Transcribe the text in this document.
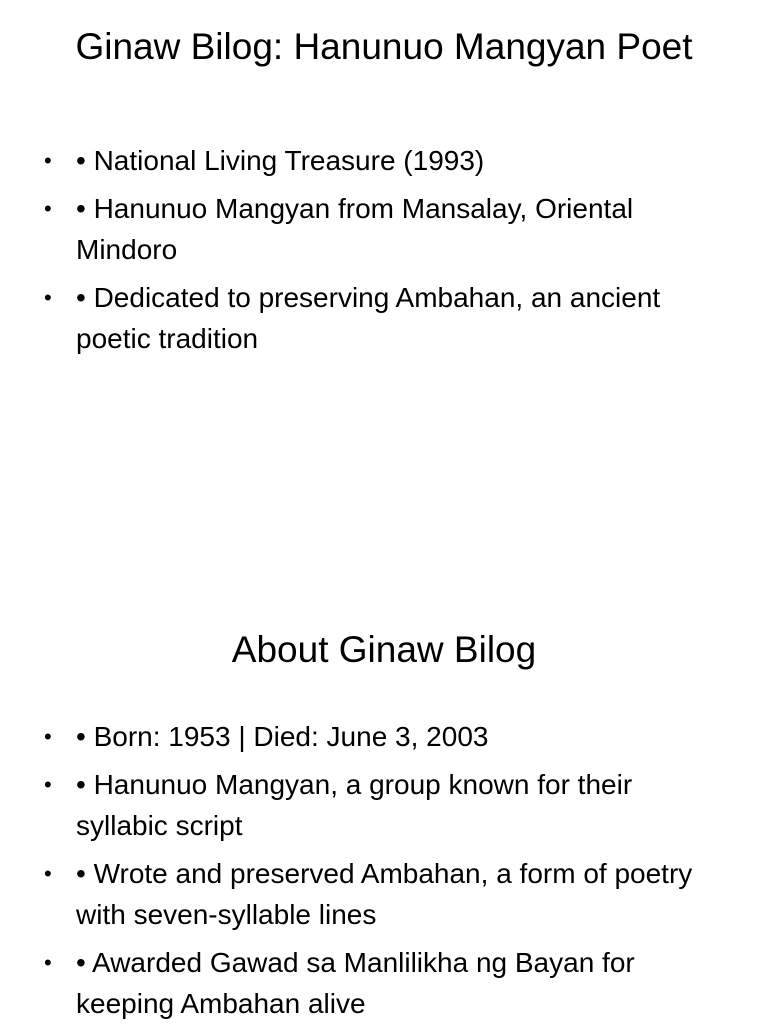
Ginaw Bilog: Hanunuo Mangyan Poet
• • National Living Treasure (1993)
• • Hanunuo Mangyan from Mansalay, Oriental Mindoro
• • Dedicated to preserving Ambahan, an ancient poetic tradition
About Ginaw Bilog
• • Born: 1953 | Died: June 3, 2003
• • Hanunuo Mangyan, a group known for their syllabic script
• • Wrote and preserved Ambahan, a form of poetry with seven-syllable lines
• • Awarded Gawad sa Manlilikha ng Bayan for keeping Ambahan alive
